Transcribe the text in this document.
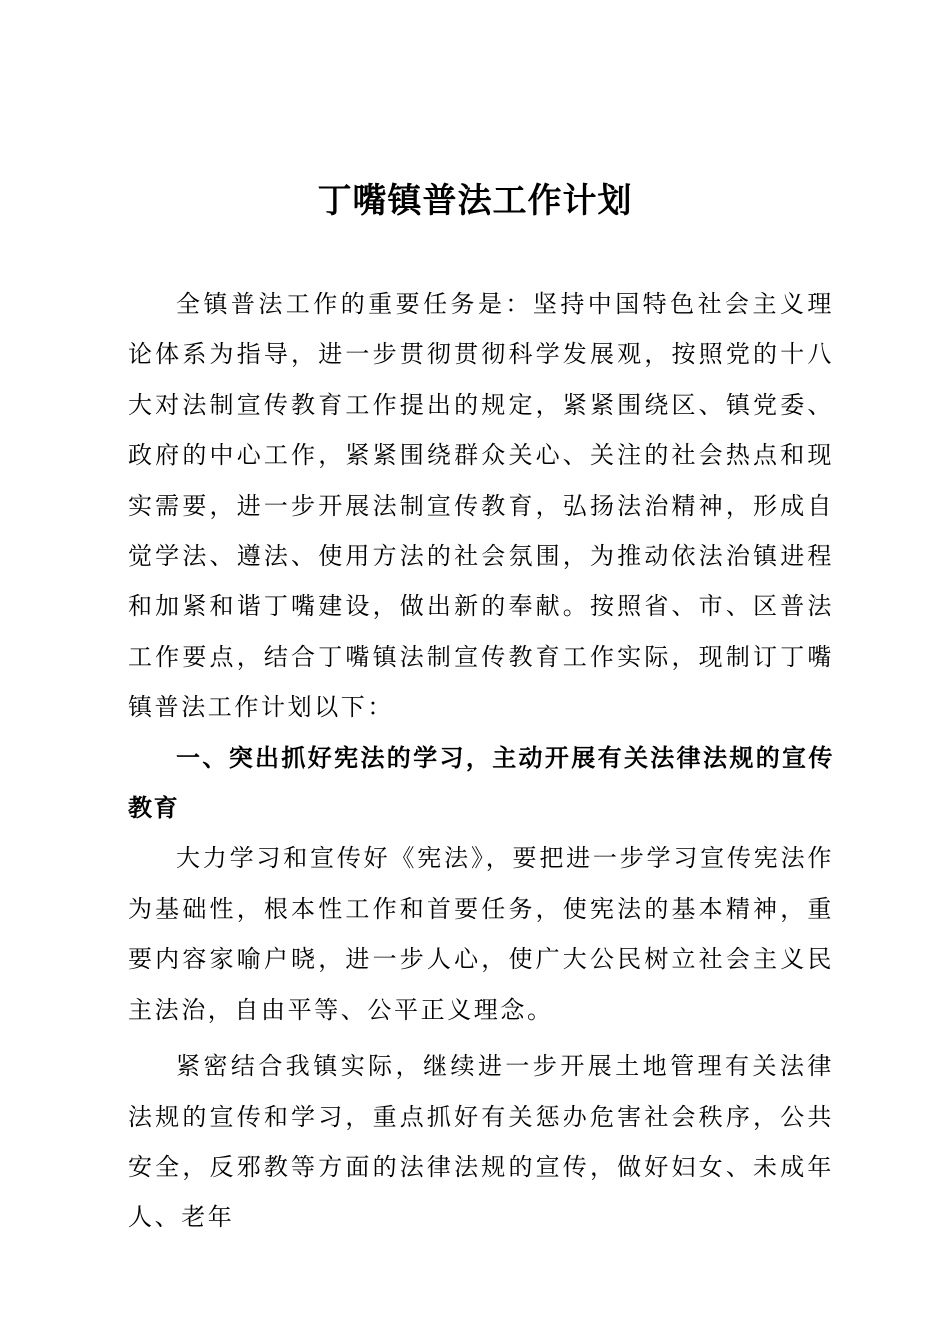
丁嘴镇普法工作计划

全镇普法工作的重要任务是：坚持中国特色社会主义理论体系为指导，进一步贯彻贯彻科学发展观，按照党的十八大对法制宣传教育工作提出的规定，紧紧围绕区、镇党委、政府的中心工作，紧紧围绕群众关心、关注的社会热点和现实需要，进一步开展法制宣传教育，弘扬法治精神，形成自觉学法、遵法、使用方法的社会氛围，为推动依法治镇进程和加紧和谐丁嘴建设，做出新的奉献。按照省、市、区普法工作要点，结合丁嘴镇法制宣传教育工作实际，现制订丁嘴镇普法工作计划以下：

一、突出抓好宪法的学习，主动开展有关法律法规的宣传教育

大力学习和宣传好《宪法》，要把进一步学习宣传宪法作为基础性，根本性工作和首要任务，使宪法的基本精神，重要内容家喻户晓，进一步人心，使广大公民树立社会主义民主法治，自由平等、公平正义理念。

紧密结合我镇实际，继续进一步开展土地管理有关法律法规的宣传和学习，重点抓好有关惩办危害社会秩序，公共安全，反邪教等方面的法律法规的宣传，做好妇女、未成年人、老年
